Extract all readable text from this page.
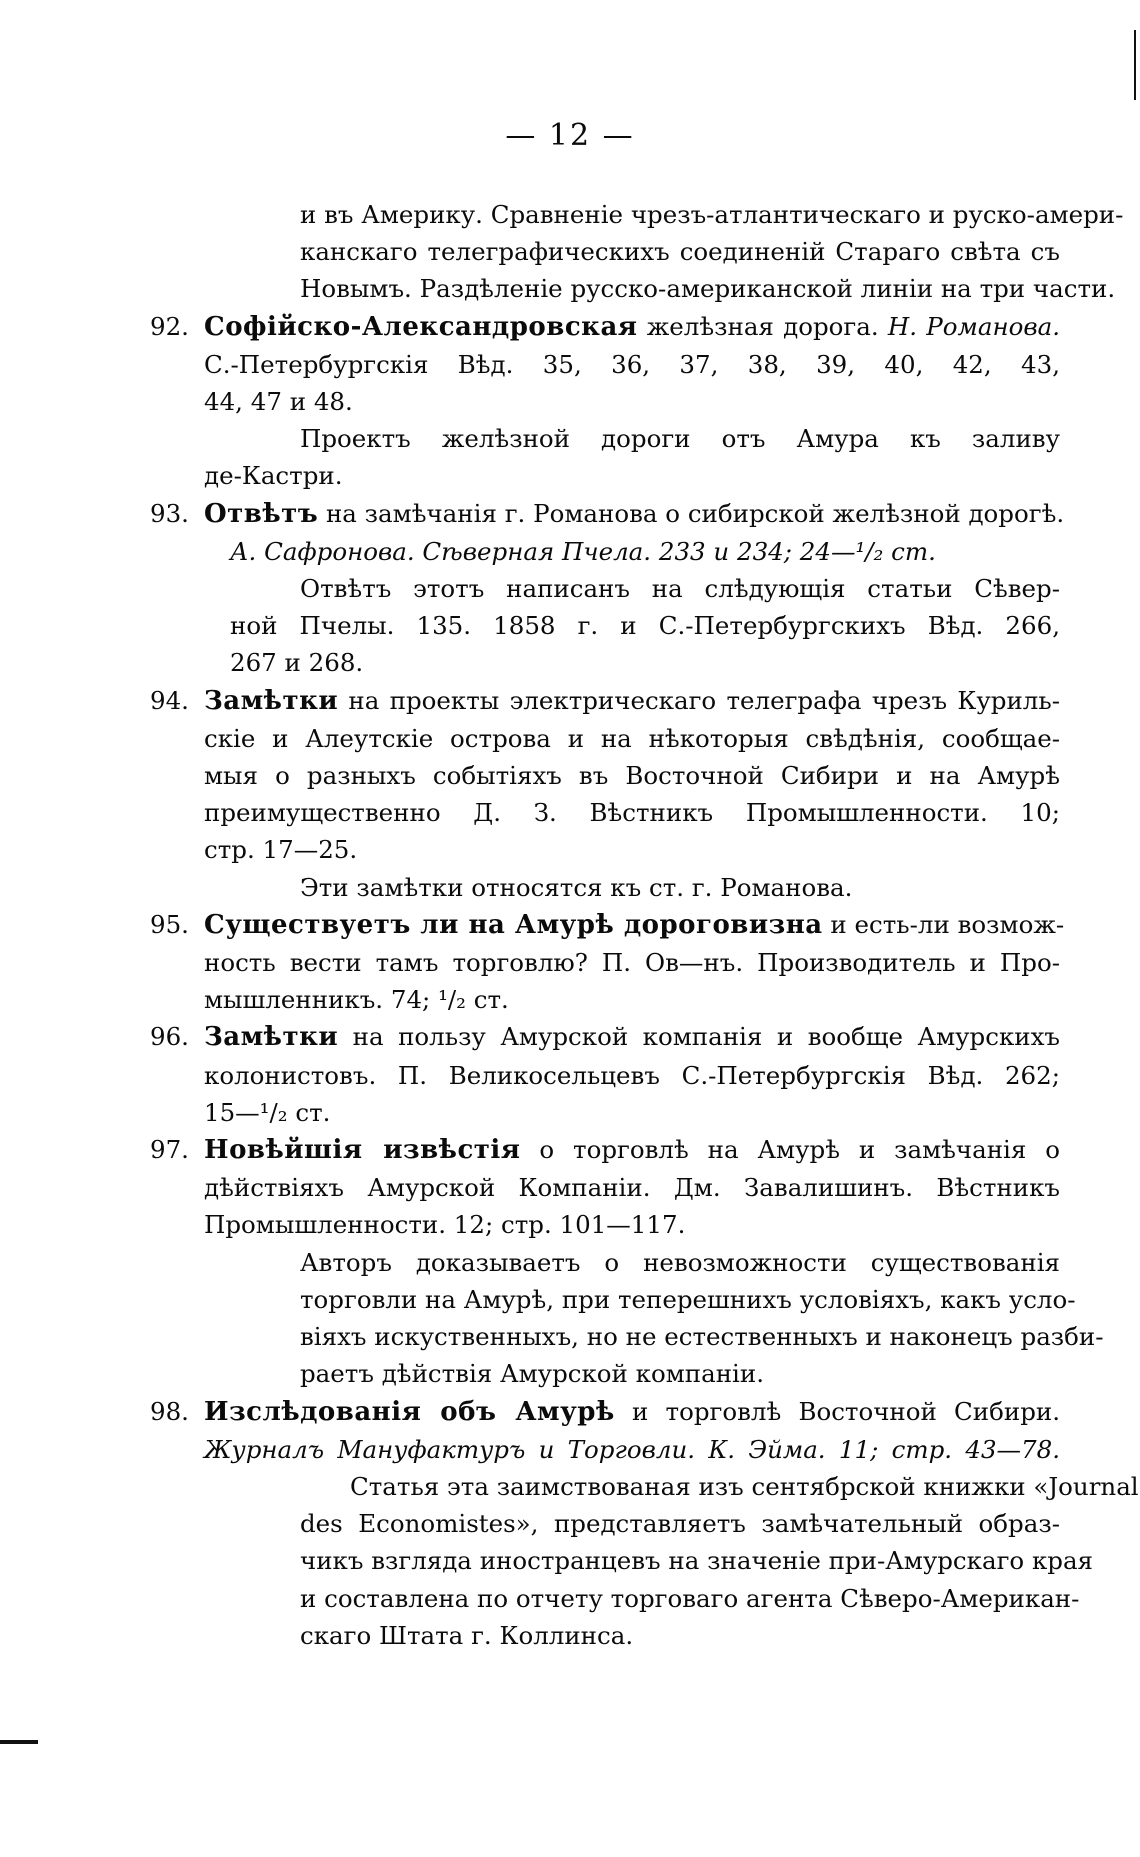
— 12 —
и въ Америку. Сравненіе чрезъ-атлантическаго и руско-амери-
канскаго телеграфическихъ соединеній Стараго свѣта съ
Новымъ. Раздѣленіе русско-американской линіи на три части.
92. Софійско-Александровская желѣзная дорога. Н. Романова.
С.-Петербургскія Вѣд. 35, 36, 37, 38, 39, 40, 42, 43,
44, 47 и 48.
Проектъ желѣзной дороги отъ Амура къ заливу
де-Кастри.
93. Отвѣтъ на замѣчанія г. Романова о сибирской желѣзной дорогѣ.
А. Сафронова. Сѣверная Пчела. 233 и 234; 24—¹/₂ ст.
Отвѣтъ этотъ написанъ на слѣдующія статьи Сѣвер-
ной Пчелы. 135. 1858 г. и С.-Петербургскихъ Вѣд. 266,
267 и 268.
94. Замѣтки на проекты электрическаго телеграфа чрезъ Куриль-
скіе и Алеутскіе острова и на нѣкоторыя свѣдѣнія, сообщае-
мыя о разныхъ событіяхъ въ Восточной Сибири и на Амурѣ
преимущественно Д. З. Вѣстникъ Промышленности. 10;
стр. 17—25.
Эти замѣтки относятся къ ст. г. Романова.
95. Существуетъ ли на Амурѣ дороговизна и есть-ли возмож-
ность вести тамъ торговлю? П. Ов—нъ. Производитель и Про-
мышленникъ. 74; ¹/₂ ст.
96. Замѣтки на пользу Амурской компанія и вообще Амурскихъ
колонистовъ. П. Великосельцевъ С.-Петербургскія Вѣд. 262;
15—¹/₂ ст.
97. Новѣйшія извѣстія о торговлѣ на Амурѣ и замѣчанія о
дѣйствіяхъ Амурской Компаніи. Дм. Завалишинъ. Вѣстникъ
Промышленности. 12; стр. 101—117.
Авторъ доказываетъ о невозможности существованія
торговли на Амурѣ, при теперешнихъ условіяхъ, какъ усло-
віяхъ искуственныхъ, но не естественныхъ и наконецъ разби-
раетъ дѣйствія Амурской компаніи.
98. Изслѣдованія объ Амурѣ и торговлѣ Восточной Сибири.
Журналъ Мануфактуръ и Торговли. К. Эйма. 11; стр. 43—78.
Статья эта заимствованая изъ сентябрской книжки «Journal
des Economistes», представляетъ замѣчательный образ-
чикъ взгляда иностранцевъ на значеніе при-Амурскаго края
и составлена по отчету торговаго агента Сѣверо-Американ-
скаго Штата г. Коллинса.
